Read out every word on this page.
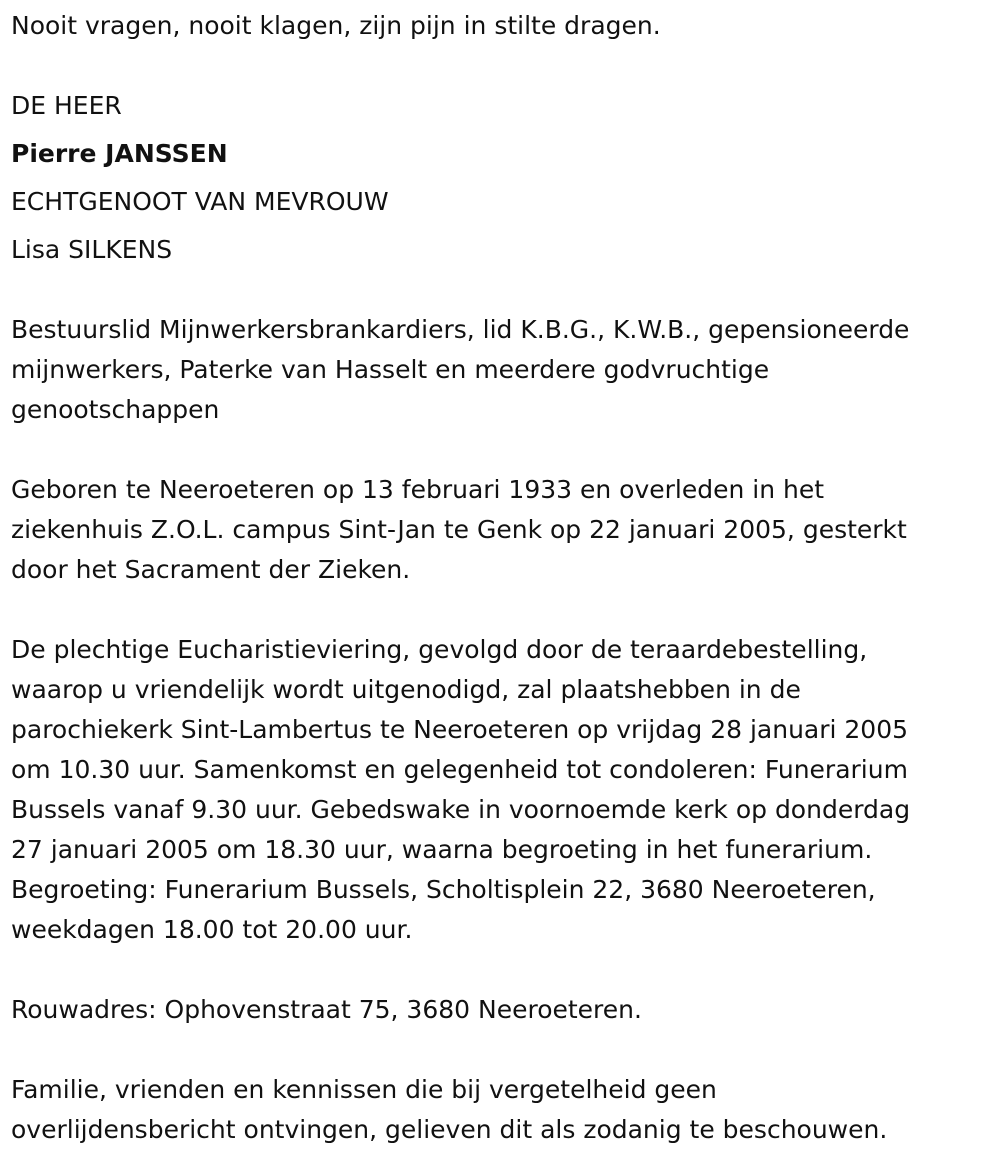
Nooit vragen, nooit klagen, zijn pijn in stilte dragen.
DE HEER
Pierre JANSSEN
ECHTGENOOT VAN MEVROUW
Lisa SILKENS
Bestuurslid Mijnwerkersbrankardiers, lid K.B.G., K.W.B., gepensioneerde
mijnwerkers, Paterke van Hasselt en meerdere godvruchtige
genootschappen
Geboren te Neeroeteren op 13 februari 1933 en overleden in het
ziekenhuis Z.O.L. campus Sint-Jan te Genk op 22 januari 2005, gesterkt
door het Sacrament der Zieken.
De plechtige Eucharistieviering, gevolgd door de teraardebestelling,
waarop u vriendelijk wordt uitgenodigd, zal plaatshebben in de
parochiekerk Sint-Lambertus te Neeroeteren op vrijdag 28 januari 2005
om 10.30 uur. Samenkomst en gelegenheid tot condoleren: Funerarium
Bussels vanaf 9.30 uur. Gebedswake in voornoemde kerk op donderdag
27 januari 2005 om 18.30 uur, waarna begroeting in het funerarium.
Begroeting: Funerarium Bussels, Scholtisplein 22, 3680 Neeroeteren,
weekdagen 18.00 tot 20.00 uur.
Rouwadres: Ophovenstraat 75, 3680 Neeroeteren.
Familie, vrienden en kennissen die bij vergetelheid geen
overlijdensbericht ontvingen, gelieven dit als zodanig te beschouwen.
